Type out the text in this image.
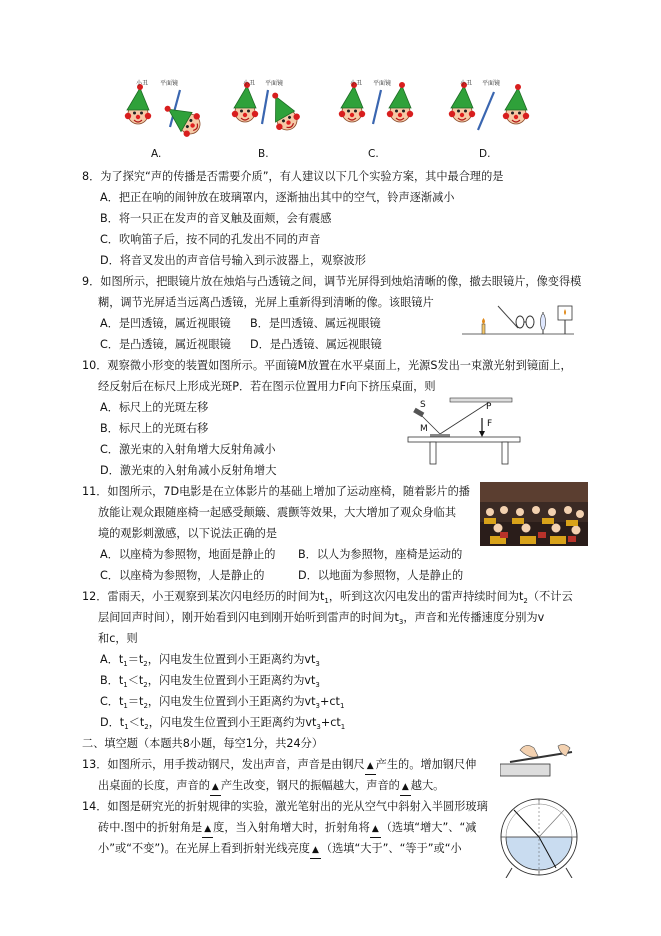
小丑 平面镜	小丑 平面镜	小丑 平面镜	小丑 平面镜
A.	B.	C.	D.
8．为了探究“声的传播是否需要介质”，有人建议以下几个实验方案，其中最合理的是
A．把正在响的闹钟放在玻璃罩内，逐渐抽出其中的空气，铃声逐渐减小
B．将一只正在发声的音叉触及面颊，会有震感
C．吹响笛子后，按不同的孔发出不同的声音
D．将音叉发出的声音信号输入到示波器上，观察波形
9．如图所示，把眼镜片放在烛焰与凸透镜之间，调节光屏得到烛焰清晰的像，撤去眼镜片，像变得模
糊，调节光屏适当远离凸透镜，光屏上重新得到清晰的像。该眼镜片
A．是凹透镜，属近视眼镜 B．是凹透镜、属远视眼镜
C．是凸透镜，属近视眼镜 D．是凸透镜、属远视眼镜
10．观察微小形变的装置如图所示。平面镜M放置在水平桌面上，光源S发出一束激光射到镜面上，
经反射后在标尺上形成光斑P．若在图示位置用力F向下挤压桌面，则
A．标尺上的光斑左移
B．标尺上的光斑右移
C．激光束的入射角增大反射角减小
D．激光束的入射角减小反射角增大
S	P
M	F
11．如图所示，7D电影是在立体影片的基础上增加了运动座椅，随着影片的播
放能让观众跟随座椅一起感受颠簸、震颤等效果，大大增加了观众身临其
境的观影刺激感，以下说法正确的是
A．以座椅为参照物，地面是静止的 B．以人为参照物，座椅是运动的
C．以座椅为参照物，人是静止的	D．以地面为参照物，人是静止的
12．雷雨天，小王观察到某次闪电经历的时间为$t_1$，听到这次闪电发出的雷声持续时间为$t_2$（不计云
层间回声时间），刚开始看到闪电到刚开始听到雷声的时间为$t_3$，声音和光传播速度分别为v
和c，则
A．$t_1=t_2$，闪电发生位置到小王距离约为$vt_3$
B．$t_1<t_2$，闪电发生位置到小王距离约为$vt_3$
C．$t_1=t_2$，闪电发生位置到小王距离约为$vt_3+ct_1$
D．$t_1<t_2$，闪电发生位置到小王距离约为$vt_3+ct_1$
二、填空题（本题共8小题，每空1分，共24分）
13．如图所示，用手拨动钢尺，发出声音，声音是由钢尺 ▲ 产生的。增加钢尺伸
出桌面的长度，声音的 ▲ 产生改变，钢尺的振幅越大，声音的 ▲ 越大。
14．如图是研究光的折射规律的实验，激光笔射出的光从空气中斜射入半圆形玻璃
砖中.图中的折射角是 ▲ 度，当入射角增大时，折射角将 ▲ （选填“增大”、“减
小”或“不变”)。在光屏上看到折射光线亮度 ▲ （选填“大于”、“等于”或“小
